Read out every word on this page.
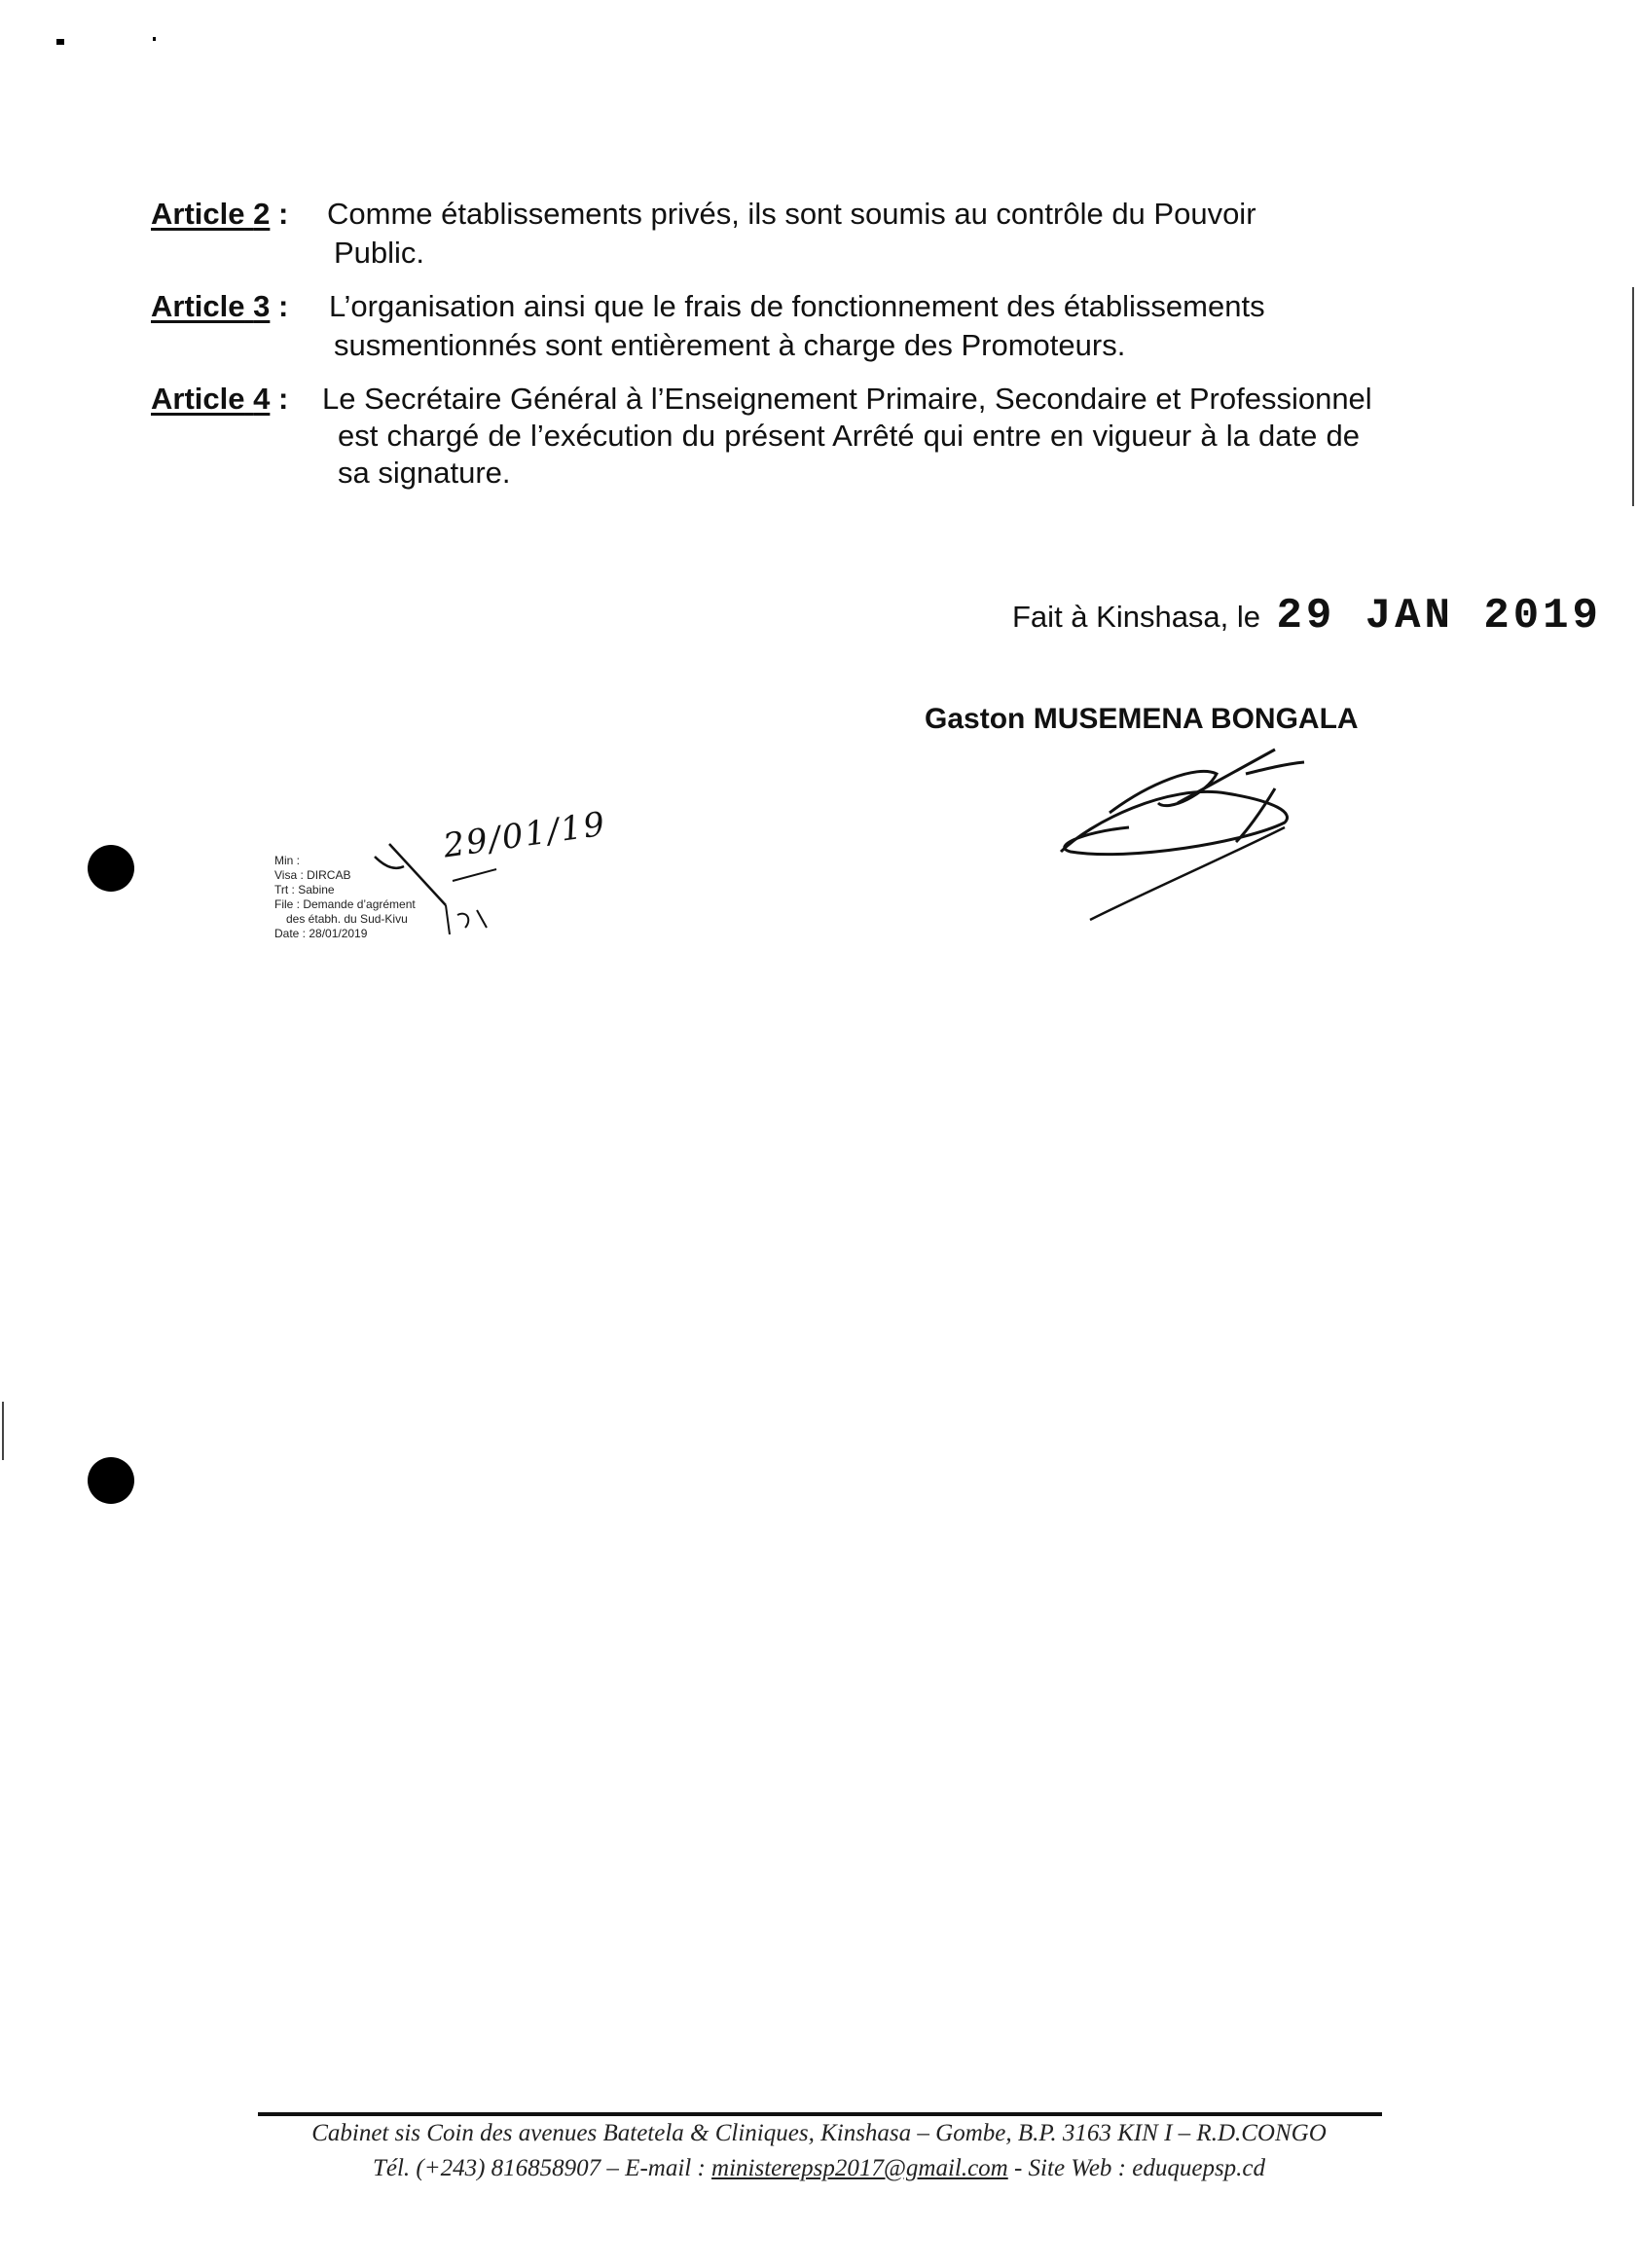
Article 2 : Comme établissements privés, ils sont soumis au contrôle du Pouvoir
Public.
Article 3 : L’organisation ainsi que le frais de fonctionnement des établissements
susmentionnés sont entièrement à charge des Promoteurs.
Article 4 : Le Secrétaire Général à l’Enseignement Primaire, Secondaire et Professionnel
est chargé de l’exécution du présent Arrêté qui entre en vigueur à la date de sa signature.
Fait à Kinshasa, le 29 JAN 2019
Gaston MUSEMENA BONGALA
Min :
Visa : DIRCAB
Trt : Sabine
File : Demande d’agrément
des étabh. du Sud-Kivu
Date : 28/01/2019
29/01/19
Cabinet sis Coin des avenues Batetela & Cliniques, Kinshasa – Gombe, B.P. 3163 KIN I – R.D.CONGO
Tél. (+243) 816858907 – E-mail : ministerepsp2017@gmail.com - Site Web : eduquepsp.cd
